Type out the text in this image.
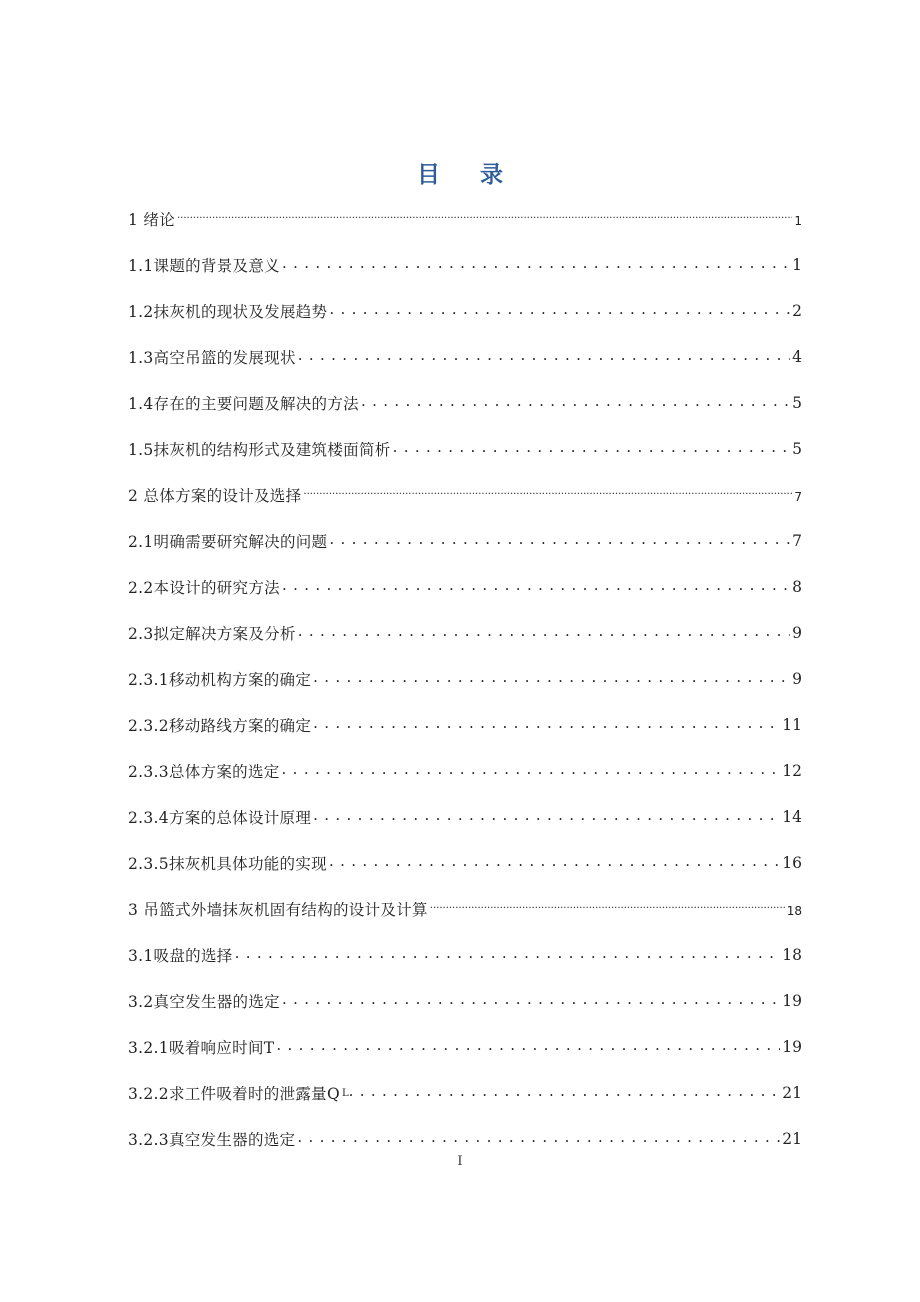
目 录
1 绪论 .....	1
1.1课题的背景及意义 . . .	1
1.2抹灰机的现状及发展趋势 . . .	2
1.3高空吊篮的发展现状 . . .	4
1.4存在的主要问题及解决的方法 . . .	5
1.5抹灰机的结构形式及建筑楼面简析 . . .	5
2 总体方案的设计及选择 .....	7
2.1明确需要研究解决的问题 . . .	7
2.2本设计的研究方法 . . .	8
2.3拟定解决方案及分析 . . .	9
2.3.1移动机构方案的确定 . . .	9
2.3.2移动路线方案的确定 . . .	11
2.3.3总体方案的选定 . . .	12
2.3.4方案的总体设计原理 . . .	14
2.3.5抹灰机具体功能的实现 . . .	16
3 吊篮式外墙抹灰机固有结构的设计及计算 .....	18
3.1吸盘的选择 . . .	18
3.2真空发生器的选定 . . .	19
3.2.1吸着响应时间T . . .	19
3.2.2求工件吸着时的泄露量Q L . . .	21
3.2.3真空发生器的选定 . . .	21
I
